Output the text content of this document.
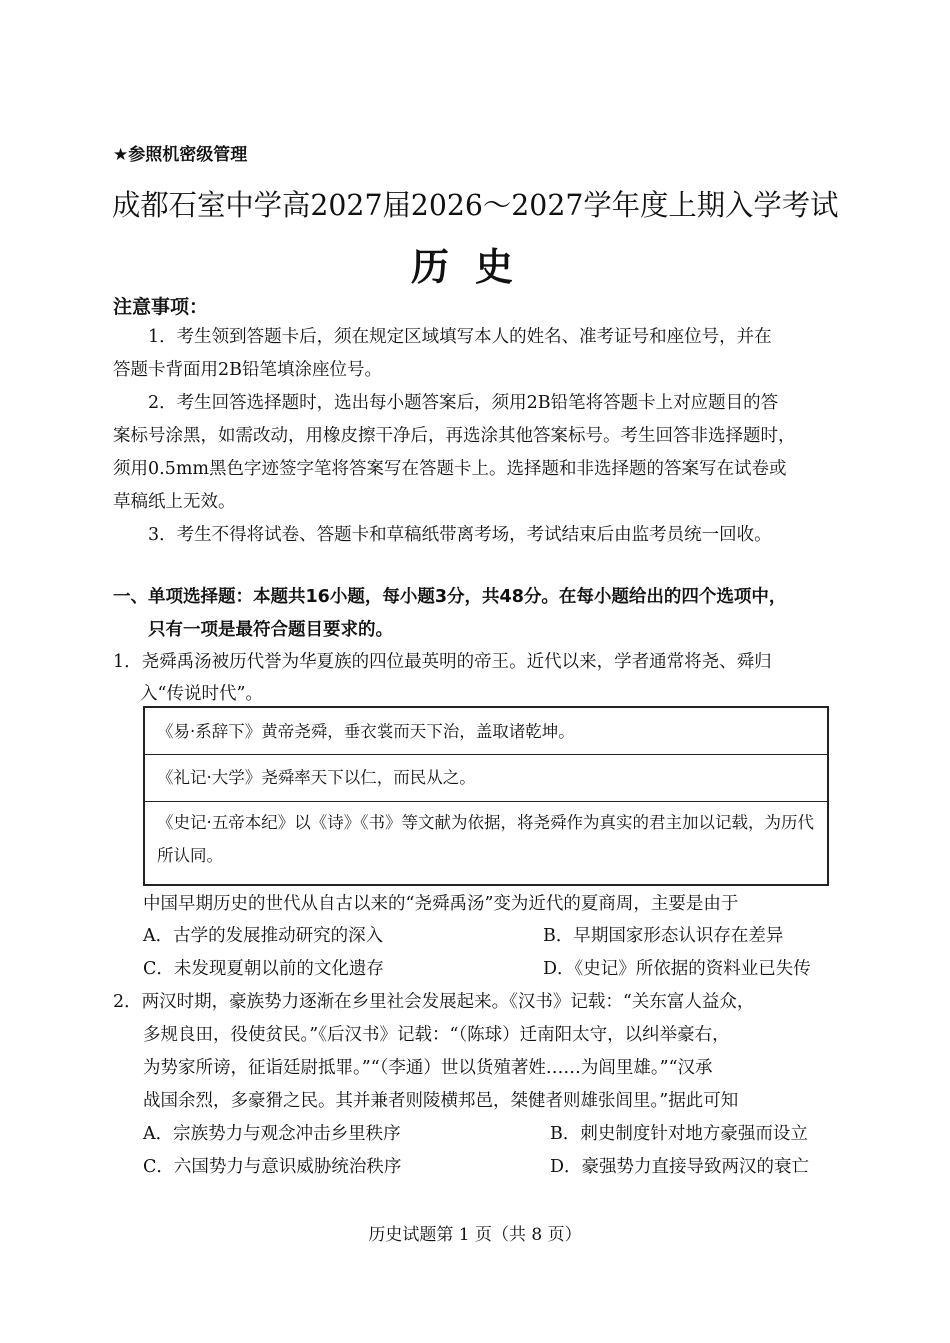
★参照机密级管理
成都石室中学高2027届2026～2027学年度上期入学考试
历史
注意事项：
1．考生领到答题卡后，须在规定区域填写本人的姓名、准考证号和座位号，并在
答题卡背面用2B铅笔填涂座位号。
2．考生回答选择题时，选出每小题答案后，须用2B铅笔将答题卡上对应题目的答
案标号涂黑，如需改动，用橡皮擦干净后，再选涂其他答案标号。考生回答非选择题时，
须用0.5mm黑色字迹签字笔将答案写在答题卡上。选择题和非选择题的答案写在试卷或
草稿纸上无效。
3．考生不得将试卷、答题卡和草稿纸带离考场，考试结束后由监考员统一回收。
一、单项选择题：本题共16小题，每小题3分，共48分。在每小题给出的四个选项中，
只有一项是最符合题目要求的。
1．尧舜禹汤被历代誉为华夏族的四位最英明的帝王。近代以来，学者通常将尧、舜归
入“传说时代”。
《易·系辞下》黄帝尧舜，垂衣裳而天下治，盖取诸乾坤。
《礼记·大学》尧舜率天下以仁，而民从之。
《史记·五帝本纪》以《诗》《书》等文献为依据，将尧舜作为真实的君主加以记载，为历代所认同。
中国早期历史的世代从自古以来的“尧舜禹汤”变为近代的夏商周，主要是由于
A．古学的发展推动研究的深入	B．早期国家形态认识存在差异
C．未发现夏朝以前的文化遗存	D．《史记》所依据的资料业已失传
2．两汉时期，豪族势力逐渐在乡里社会发展起来。《汉书》记载：“关东富人益众，
多规良田，役使贫民。”《后汉书》记载：“（陈球）迁南阳太守，以纠举豪右，
为势家所谤，征诣廷尉抵罪。”“（李通）世以货殖著姓……为闾里雄。”“汉承
战国余烈，多豪猾之民。其并兼者则陵横邦邑，桀健者则雄张闾里。”据此可知
A．宗族势力与观念冲击乡里秩序	B．刺史制度针对地方豪强而设立
C．六国势力与意识威胁统治秩序	D．豪强势力直接导致两汉的衰亡
历史试题第 1 页（共 8 页）
